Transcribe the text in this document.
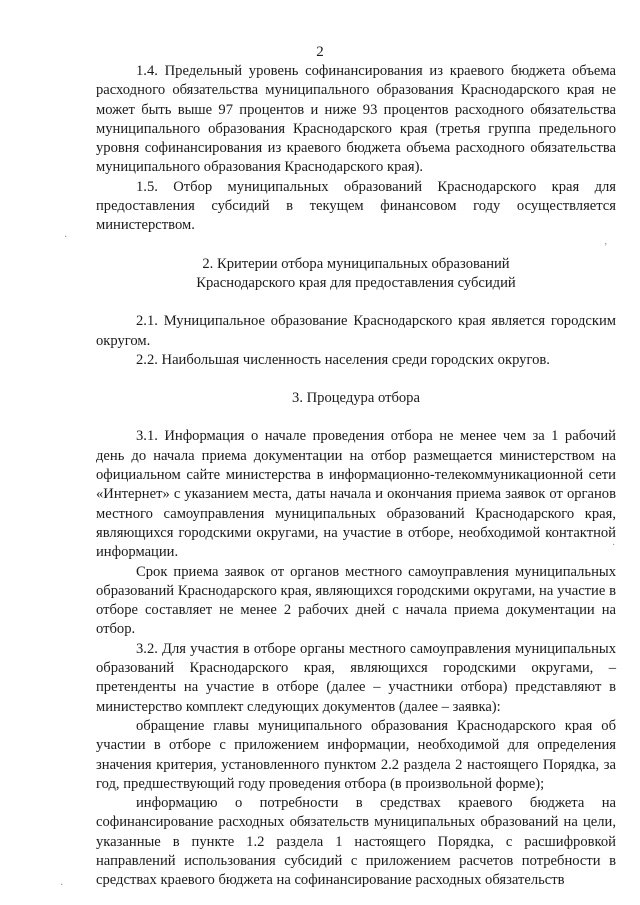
2

1.4. Предельный уровень софинансирования из краевого бюджета объема расходного обязательства муниципального образования Краснодарского края не может быть выше 97 процентов и ниже 93 процентов расходного обязательства муниципального образования Краснодарского края (третья группа предельного уровня софинансирования из краевого бюджета объема расходного обязательства муниципального образования Краснодарского края).

1.5. Отбор муниципальных образований Краснодарского края для предоставления субсидий в текущем финансовом году осуществляется министерством.

2. Критерии отбора муниципальных образований
Краснодарского края для предоставления субсидий

2.1. Муниципальное образование Краснодарского края является городским округом.

2.2. Наибольшая численность населения среди городских округов.

3. Процедура отбора

3.1. Информация о начале проведения отбора не менее чем за 1 рабочий день до начала приема документации на отбор размещается министерством на официальном сайте министерства в информационно-телекоммуникационной сети «Интернет» с указанием места, даты начала и окончания приема заявок от органов местного самоуправления муниципальных образований Краснодарского края, являющихся городскими округами, на участие в отборе, необходимой контактной информации.

Срок приема заявок от органов местного самоуправления муниципальных образований Краснодарского края, являющихся городскими округами, на участие в отборе составляет не менее 2 рабочих дней с начала приема документации на отбор.

3.2. Для участия в отборе органы местного самоуправления муниципальных образований Краснодарского края, являющихся городскими округами, – претенденты на участие в отборе (далее – участники отбора) представляют в министерство комплект следующих документов (далее – заявка):

обращение главы муниципального образования Краснодарского края об участии в отборе с приложением информации, необходимой для определения значения критерия, установленного пунктом 2.2 раздела 2 настоящего Порядка, за год, предшествующий году проведения отбора (в произвольной форме);

информацию о потребности в средствах краевого бюджета на софинансирование расходных обязательств муниципальных образований на цели, указанные в пункте 1.2 раздела 1 настоящего Порядка, с расшифровкой направлений использования субсидий с приложением расчетов потребности в средствах краевого бюджета на софинансирование расходных обязательств

·
ʼ
·
·
